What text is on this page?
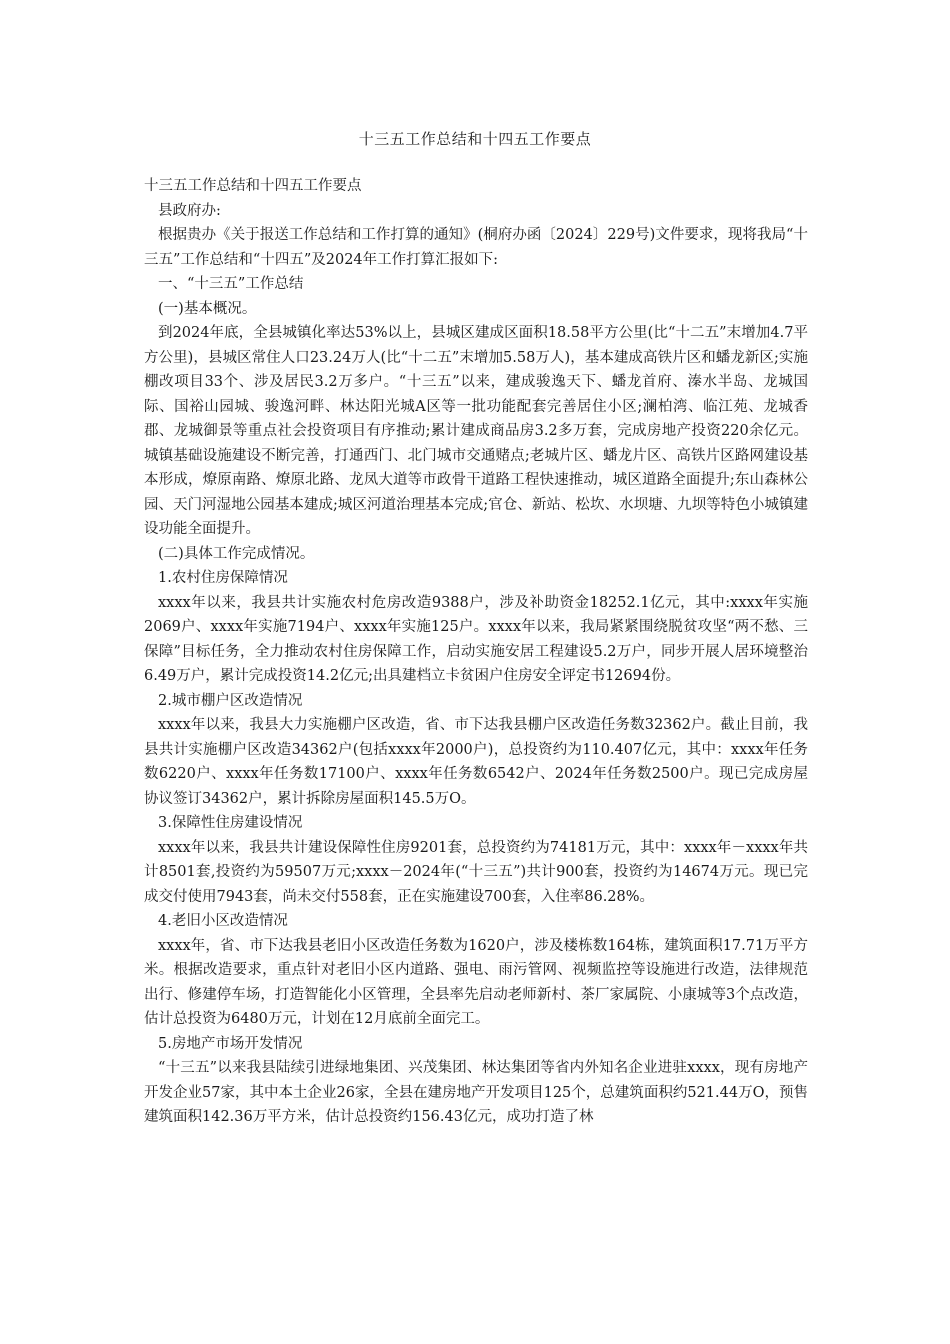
十三五工作总结和十四五工作要点

十三五工作总结和十四五工作要点

县政府办:

根据贵办《关于报送工作总结和工作打算的通知》(桐府办函〔2024〕229号)文件要求，现将我局“十三五”工作总结和“十四五”及2024年工作打算汇报如下:

一、“十三五”工作总结

(一)基本概况。

到2024年底，全县城镇化率达53%以上，县城区建成区面积18.58平方公里(比“十二五”末增加4.7平方公里)，县城区常住人口23.24万人(比“十二五”末增加5.58万人)，基本建成高铁片区和蟠龙新区;实施棚改项目33个、涉及居民3.2万多户。“十三五”以来，建成骏逸天下、蟠龙首府、溱水半岛、龙城国际、国裕山园城、骏逸河畔、林达阳光城A区等一批功能配套完善居住小区;澜柏湾、临江苑、龙城香郡、龙城御景等重点社会投资项目有序推动;累计建成商品房3.2多万套，完成房地产投资220余亿元。城镇基础设施建设不断完善，打通西门、北门城市交通赌点;老城片区、蟠龙片区、高铁片区路网建设基本形成，燎原南路、燎原北路、龙凤大道等市政骨干道路工程快速推动，城区道路全面提升;东山森林公园、天门河湿地公园基本建成;城区河道治理基本完成;官仓、新站、松坎、水坝塘、九坝等特色小城镇建设功能全面提升。

(二)具体工作完成情况。

1.农村住房保障情况

xxxx年以来，我县共计实施农村危房改造9388户，涉及补助资金18252.1亿元，其中:xxxx年实施2069户、xxxx年实施7194户、xxxx年实施125户。xxxx年以来，我局紧紧围绕脱贫攻坚“两不愁、三保障”目标任务，全力推动农村住房保障工作，启动实施安居工程建设5.2万户，同步开展人居环境整治6.49万户，累计完成投资14.2亿元;出具建档立卡贫困户住房安全评定书12694份。

2.城市棚户区改造情况

xxxx年以来，我县大力实施棚户区改造，省、市下达我县棚户区改造任务数32362户。截止目前，我县共计实施棚户区改造34362户(包括xxxx年2000户)，总投资约为110.407亿元，其中：xxxx年任务数6220户、xxxx年任务数17100户、xxxx年任务数6542户、2024年任务数2500户。现已完成房屋协议签订34362户，累计拆除房屋面积145.5万O。

3.保障性住房建设情况

xxxx年以来，我县共计建设保障性住房9201套，总投资约为74181万元，其中：xxxx年－xxxx年共计8501套,投资约为59507万元;xxxx－2024年(“十三五”)共计900套，投资约为14674万元。现已完成交付使用7943套，尚未交付558套，正在实施建设700套，入住率86.28%。

4.老旧小区改造情况

xxxx年，省、市下达我县老旧小区改造任务数为1620户，涉及楼栋数164栋，建筑面积17.71万平方米。根据改造要求，重点针对老旧小区内道路、强电、雨污管网、视频监控等设施进行改造，法律规范出行、修建停车场，打造智能化小区管理，全县率先启动老师新村、茶厂家属院、小康城等3个点改造，估计总投资为6480万元，计划在12月底前全面完工。

5.房地产市场开发情况

“十三五”以来我县陆续引进绿地集团、兴茂集团、林达集团等省内外知名企业进驻xxxx，现有房地产开发企业57家，其中本土企业26家，全县在建房地产开发项目125个，总建筑面积约521.44万O，预售建筑面积142.36万平方米，估计总投资约156.43亿元，成功打造了林
